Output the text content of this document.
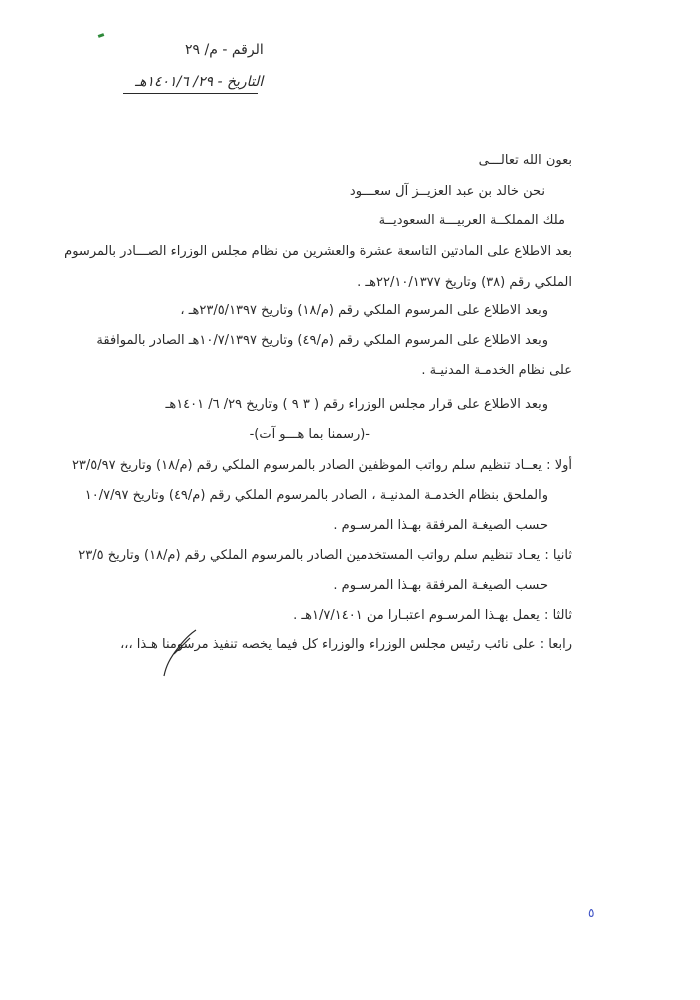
الرقم - م/ ٢٩
التاريخ - ٢٩/ ١٤٠١/٦هـ
بعون الله تعالـــى
نحن خالد بن عبد العزيــز آل سعـــود
ملك المملكــة العربيـــة السعوديــة
بعد الاطلاع على المادتين التاسعة عشرة والعشرين من نظام مجلس الوزراء الصـــادر بالمرسوم
الملكي رقم (٣٨) وتاريخ ٢٢/١٠/١٣٧٧هـ .
وبعد الاطلاع على المرسوم الملكي رقم (م/١٨) وتاريخ ٢٣/٥/١٣٩٧هـ ،
وبعد الاطلاع على المرسوم الملكي رقم (م/٤٩) وتاريخ ١٠/٧/١٣٩٧هـ الصادر بالموافقة
على نظام الخدمـة المدنيـة .
وبعد الاطلاع على قرار مجلس الوزراء رقم ( ٣ ٩ ) وتاريخ ٢٩/ ٦/ ١٤٠١هـ
-(رسمنا بما هـــو آت)-
أولا : يعــاد تنظيم سلم رواتب الموظفين الصادر بالمرسوم الملكي رقم (م/١٨) وتاريخ ٢٣/٥/٩٧
والملحق بنظام الخدمـة المدنيـة ، الصادر بالمرسوم الملكي رقم (م/٤٩) وتاريخ ١٠/٧/٩٧
حسب الصيغـة المرفقة بهـذا المرسـوم .
ثانيا : يعـاد تنظيم سلم رواتب المستخدمين الصادر بالمرسوم الملكي رقم (م/١٨) وتاريخ ٢٣/٥
حسب الصيغـة المرفقة بهـذا المرسـوم .
ثالثا : يعمل بهـذا المرسـوم اعتبـارا من ١/٧/١٤٠١هـ .
رابعا : على نائب رئيس مجلس الوزراء والوزراء كل فيما يخصه تنفيذ مرسومنا هـذا ،،،
٥
